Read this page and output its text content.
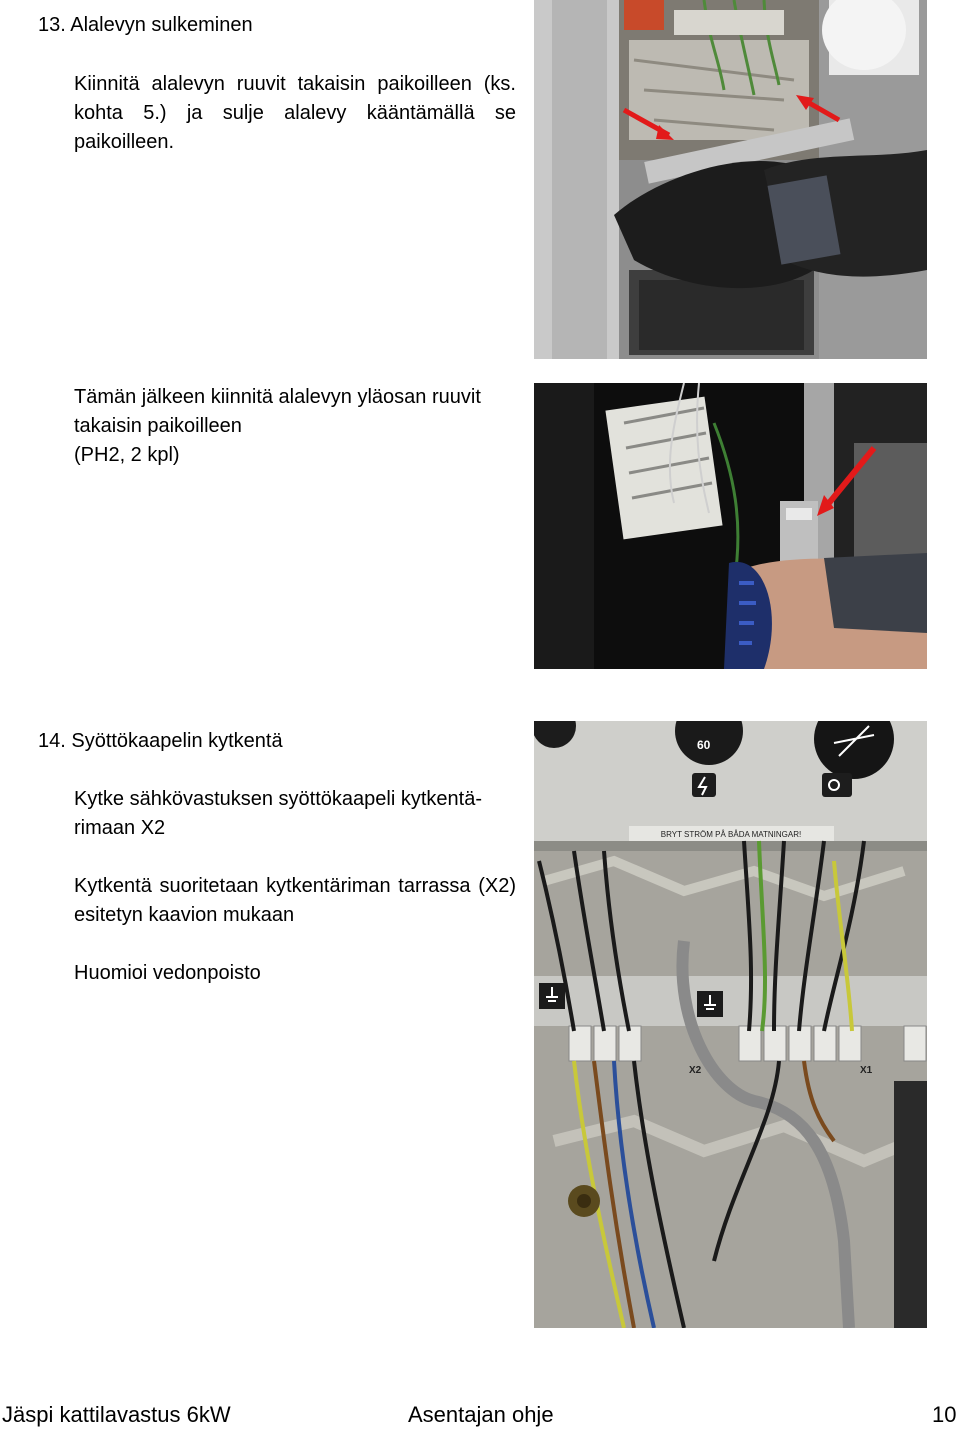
13. Alalevyn sulkeminen
Kiinnitä alalevyn ruuvit takaisin paikoilleen (ks. kohta 5.) ja sulje alalevy kääntämällä se paikoilleen.
Tämän jälkeen kiinnitä alalevyn yläosan ruuvit
takaisin paikoilleen
(PH2, 2 kpl)
14. Syöttökaapelin kytkentä
Kytke sähkövastuksen syöttökaapeli kytkentä-
rimaan X2
Kytkentä suoritetaan kytkentäriman tarrassa (X2) esitetyn kaavion mukaan
Huomioi vedonpoisto
60
BRYT STRÖM PÅ BÅDA MATNINGAR!
X2	X1
Jäspi kattilavastus 6kW	Asentajan ohje	10
